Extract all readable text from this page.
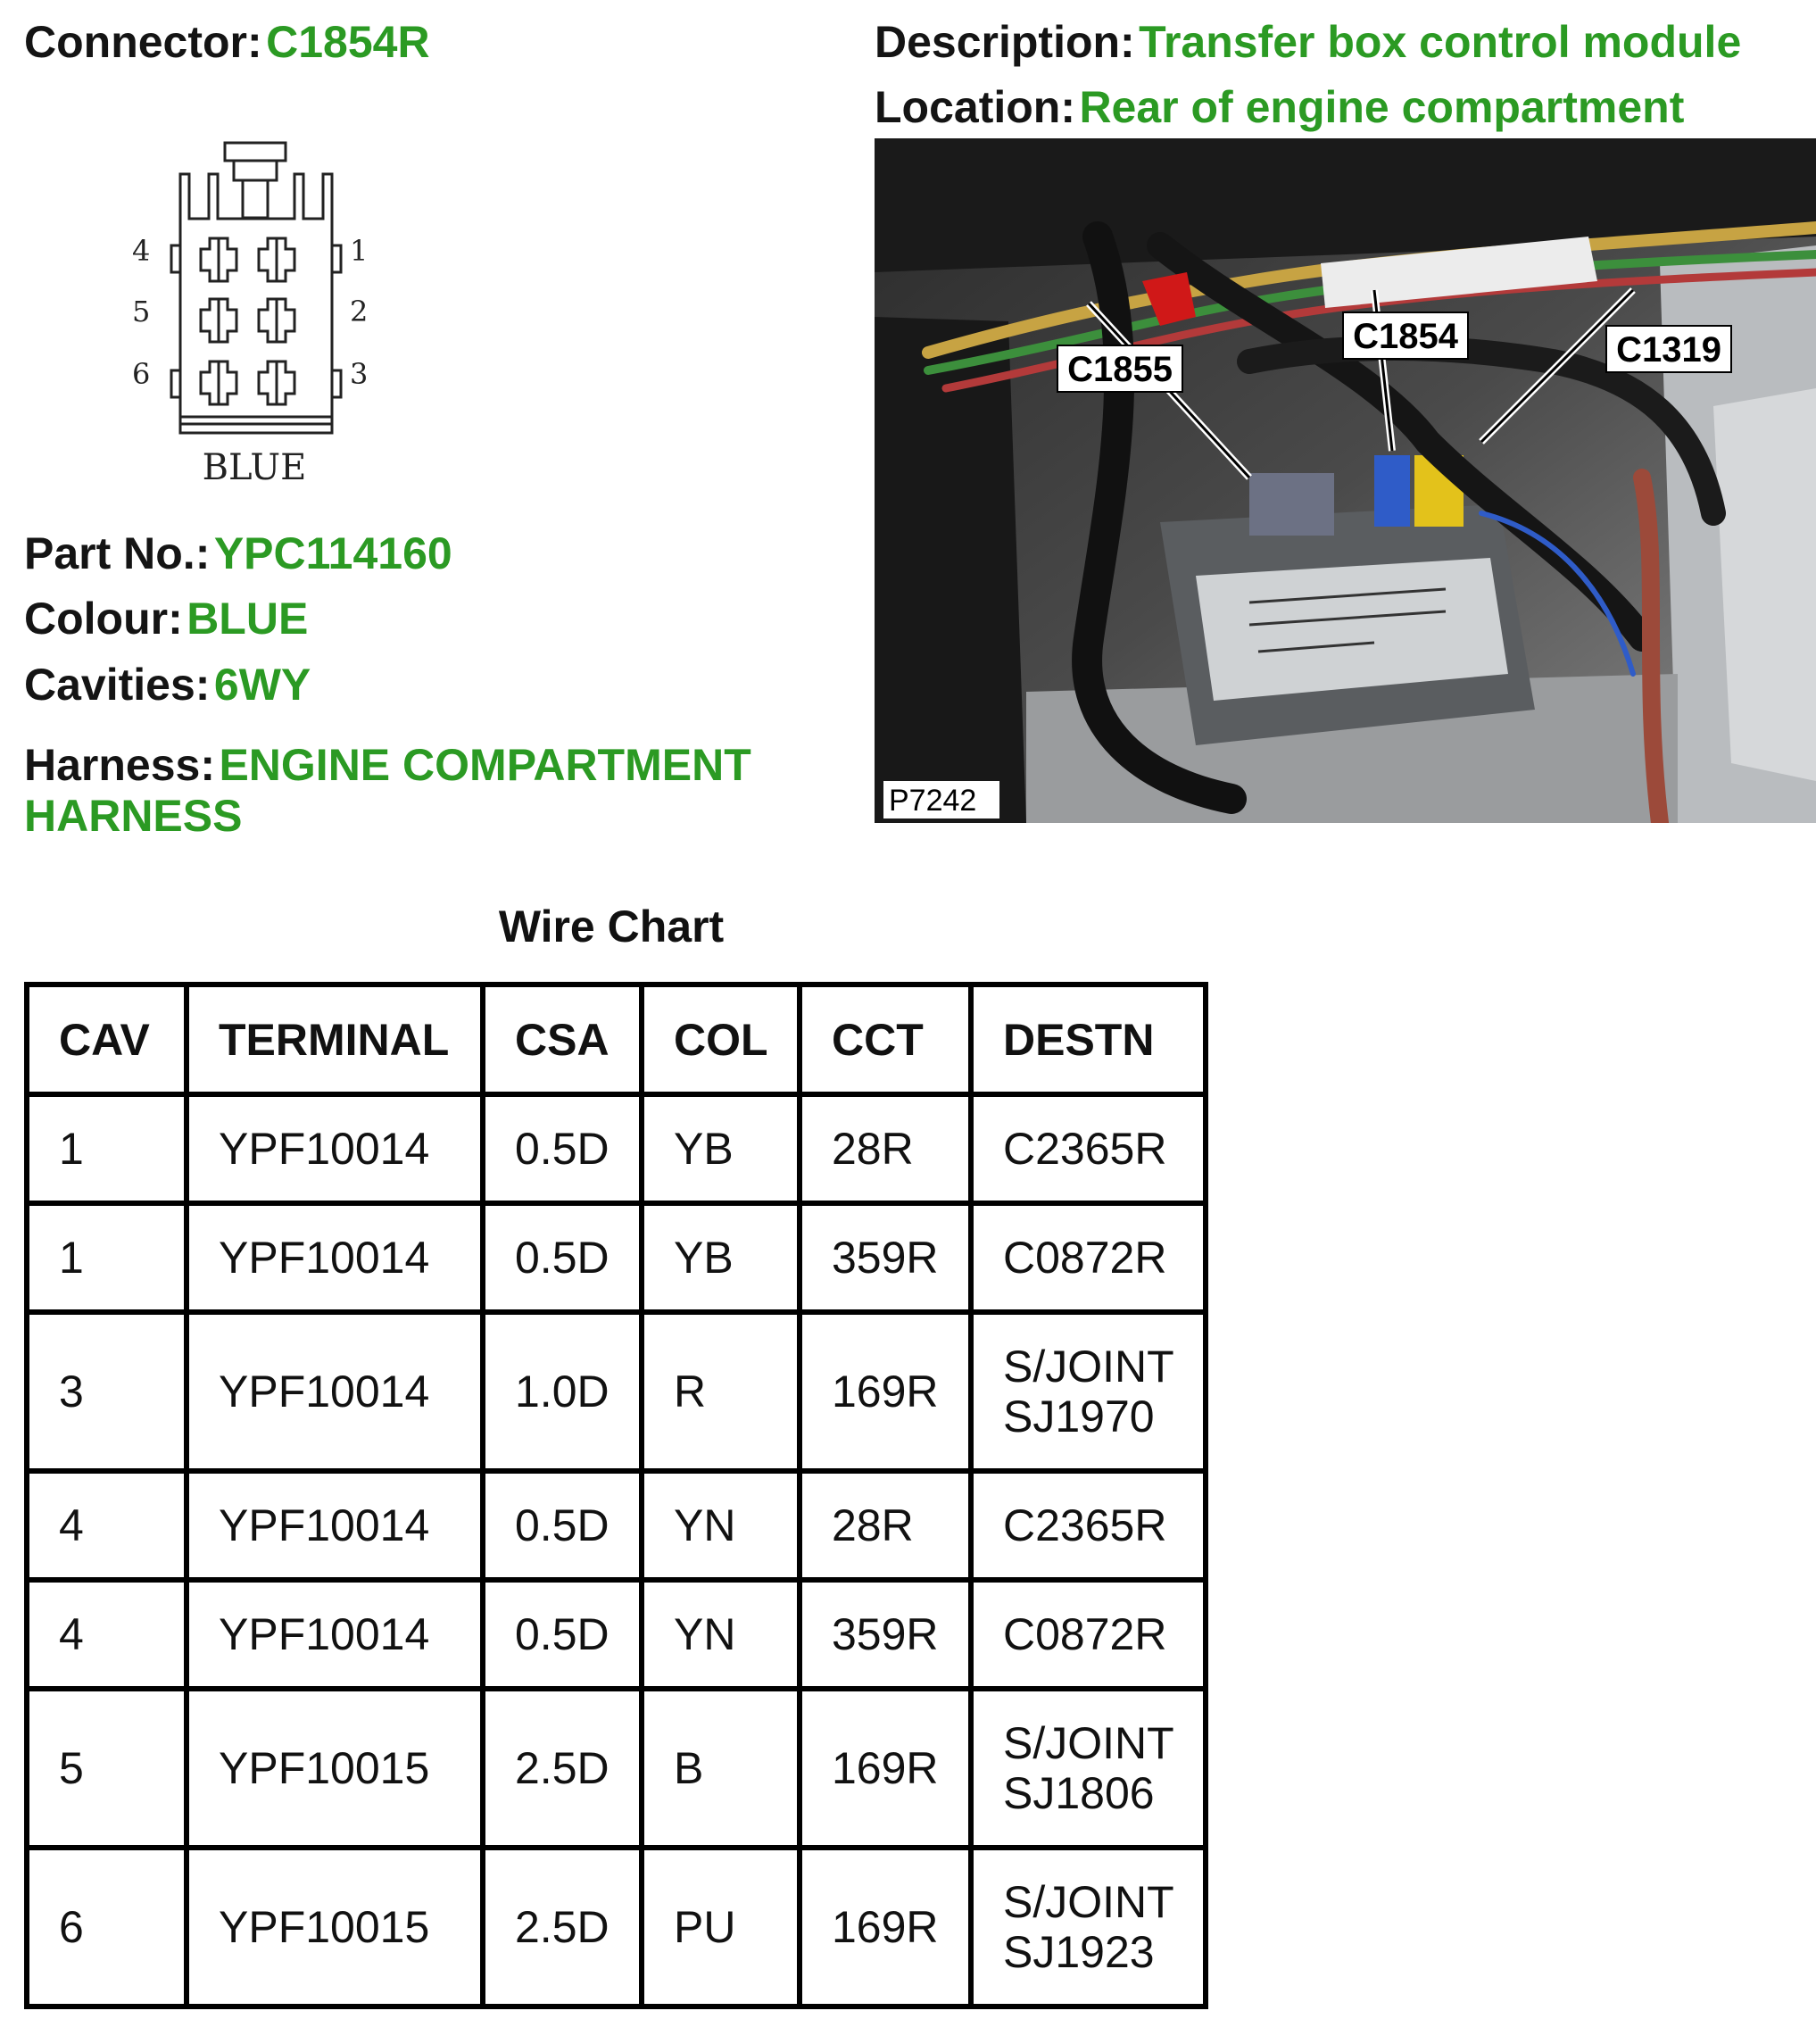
Connector: C1854R	Description: Transfer box control module
Location: Rear of engine compartment
4
5
6
1
2
3
BLUE
Part No.: YPC114160
Colour: BLUE
Cavities: 6WY
Harness: ENGINE COMPARTMENT
HARNESS
C1855
C1854	C1319
P7242
Wire Chart
CAV	TERMINAL	CSA	COL	CCT	DESTN
1	YPF10014	0.5D	YB	28R	C2365R
1	YPF10014	0.5D	YB	359R	C0872R
3	YPF10014	1.0D	R	169R	S/JOINT
SJ1970
4	YPF10014	0.5D	YN	28R	C2365R
4	YPF10014	0.5D	YN	359R	C0872R
5	YPF10015	2.5D	B	169R	S/JOINT
SJ1806
6	YPF10015	2.5D	PU	169R	S/JOINT
SJ1923
